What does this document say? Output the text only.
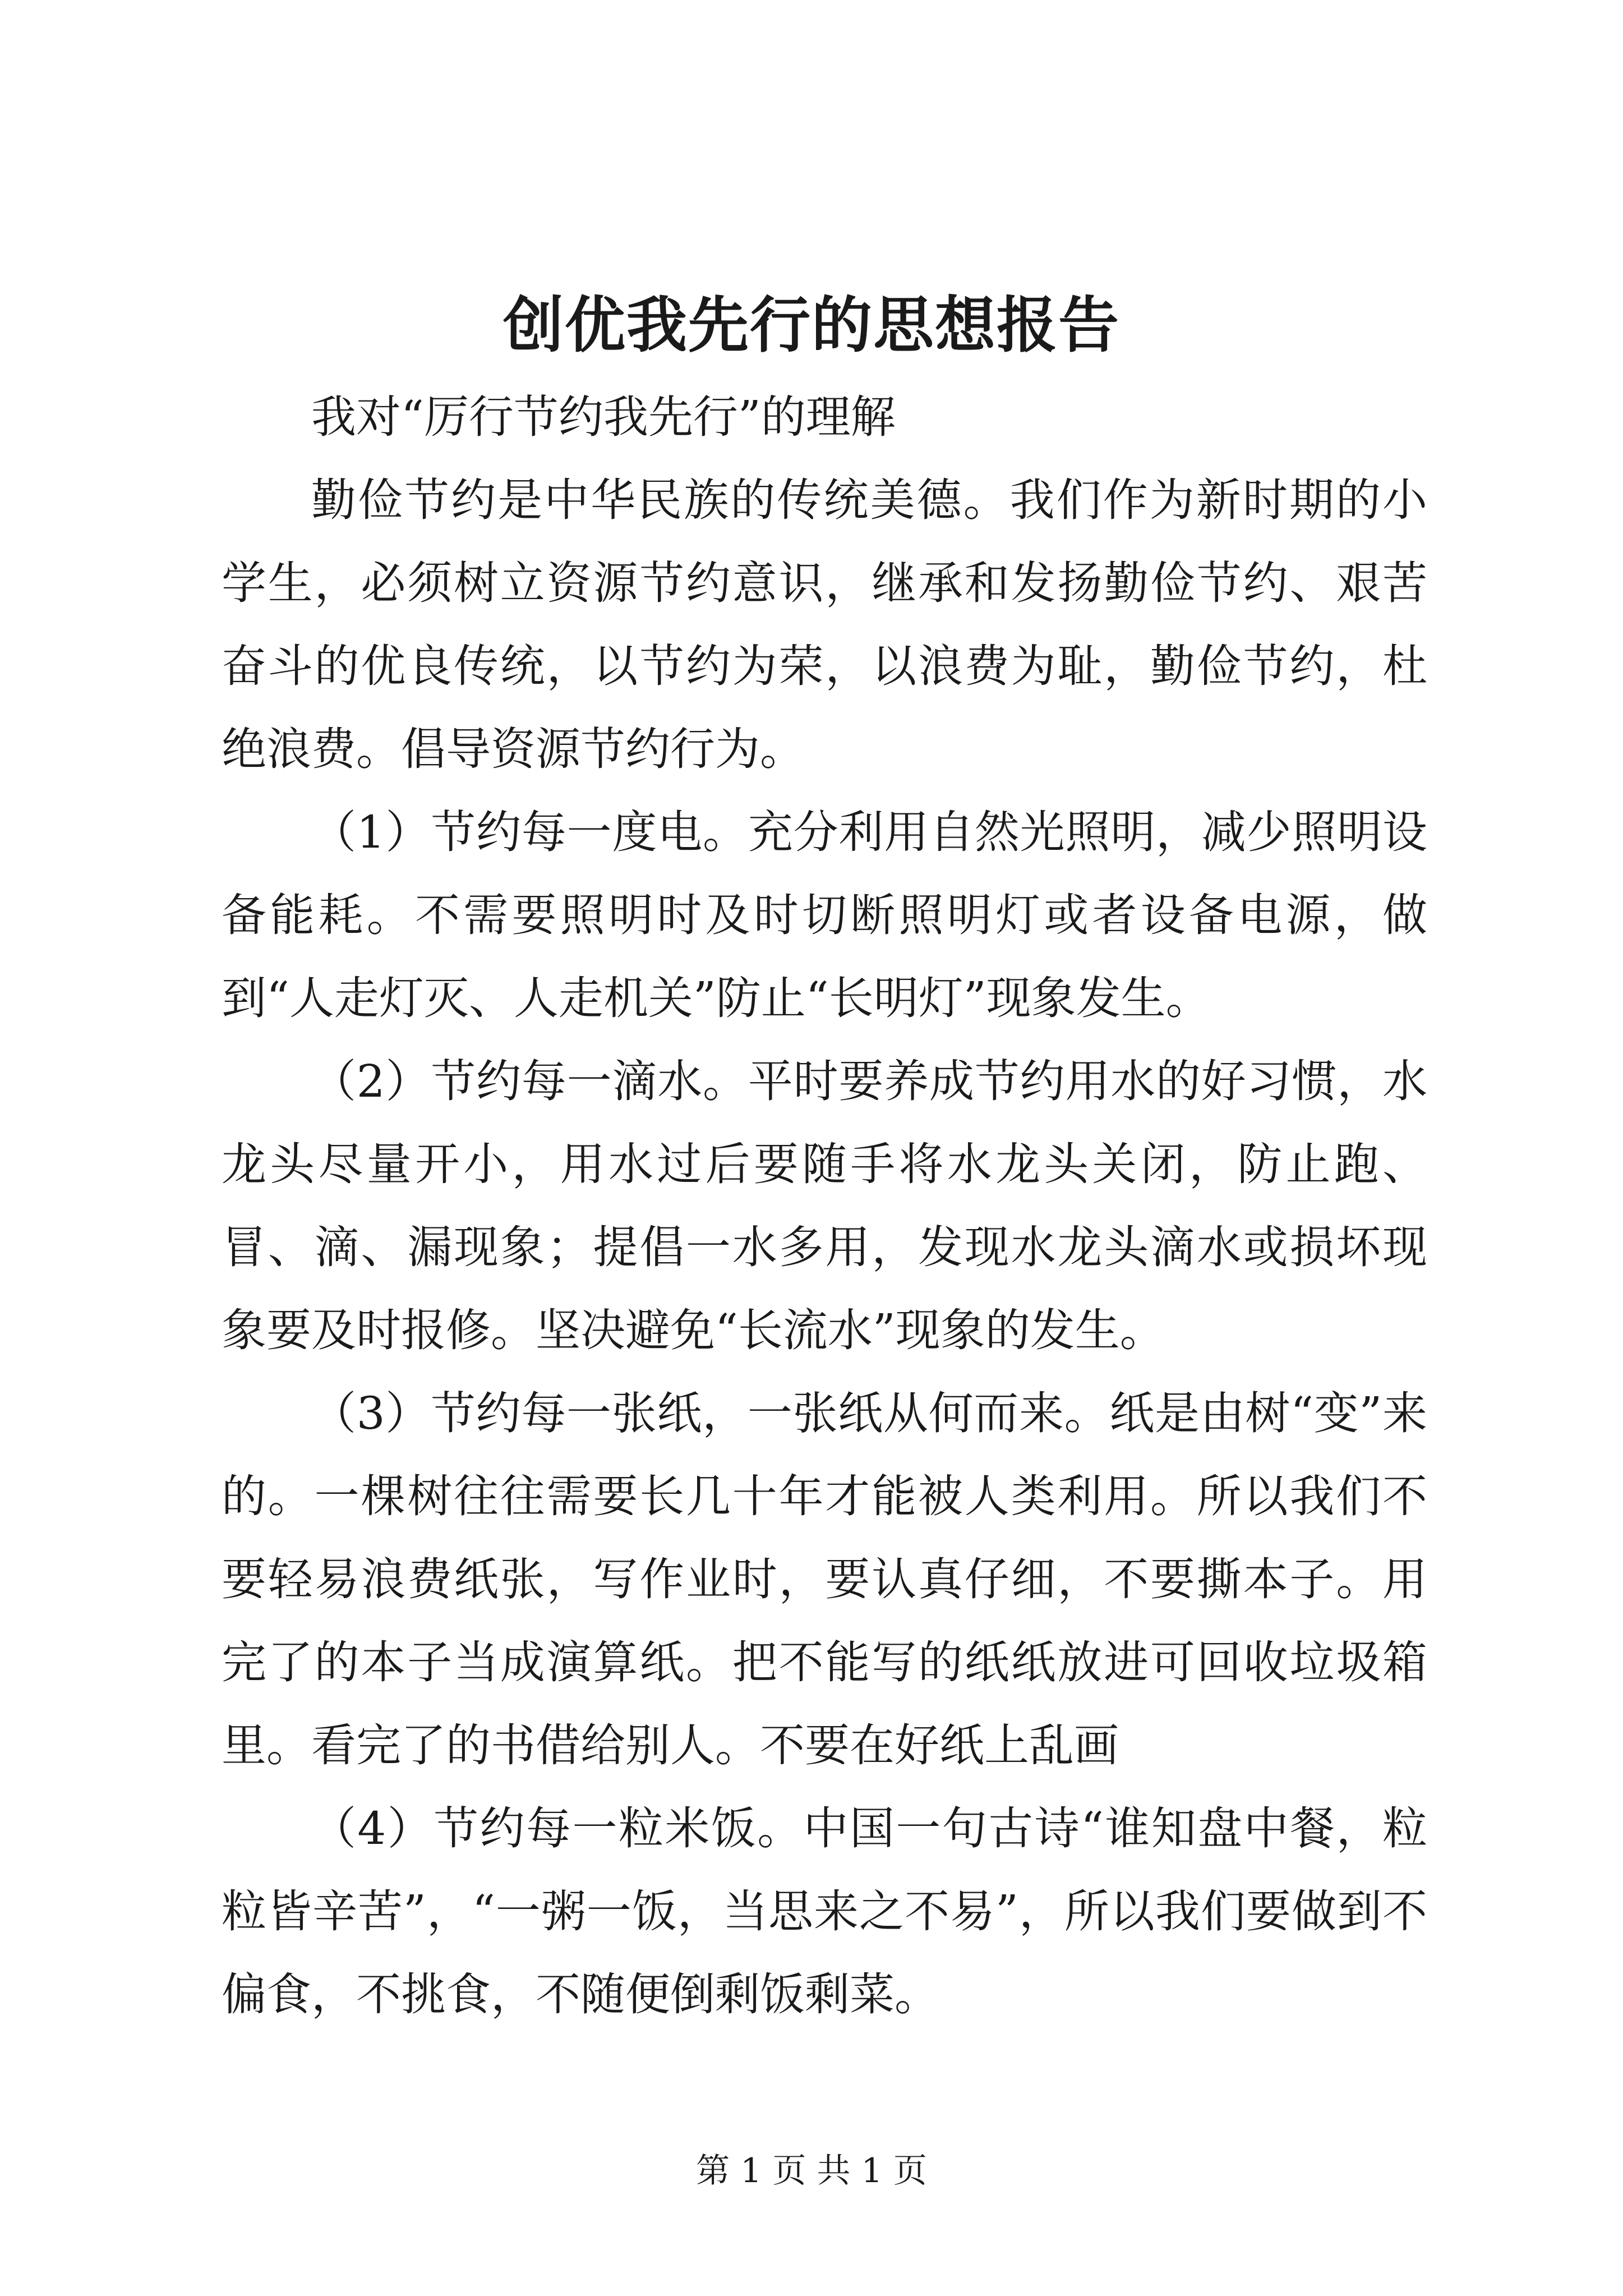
创优我先行的思想报告

我对“厉行节约我先行”的理解

勤俭节约是中华民族的传统美德。我们作为新时期的小学生，必须树立资源节约意识，继承和发扬勤俭节约、艰苦奋斗的优良传统，以节约为荣，以浪费为耻，勤俭节约，杜绝浪费。倡导资源节约行为。

（1）节约每一度电。充分利用自然光照明，减少照明设备能耗。不需要照明时及时切断照明灯或者设备电源，做到“人走灯灭、人走机关”防止“长明灯”现象发生。

（2）节约每一滴水。平时要养成节约用水的好习惯，水龙头尽量开小，用水过后要随手将水龙头关闭，防止跑、冒、滴、漏现象；提倡一水多用，发现水龙头滴水或损坏现象要及时报修。坚决避免“长流水”现象的发生。

（3）节约每一张纸，一张纸从何而来。纸是由树“变”来的。一棵树往往需要长几十年才能被人类利用。所以我们不要轻易浪费纸张，写作业时，要认真仔细，不要撕本子。用完了的本子当成演算纸。把不能写的纸纸放进可回收垃圾箱里。看完了的书借给别人。不要在好纸上乱画

（4）节约每一粒米饭。中国一句古诗“谁知盘中餐，粒粒皆辛苦”，“一粥一饭，当思来之不易”，所以我们要做到不偏食，不挑食，不随便倒剩饭剩菜。

第 1 页 共 1 页
